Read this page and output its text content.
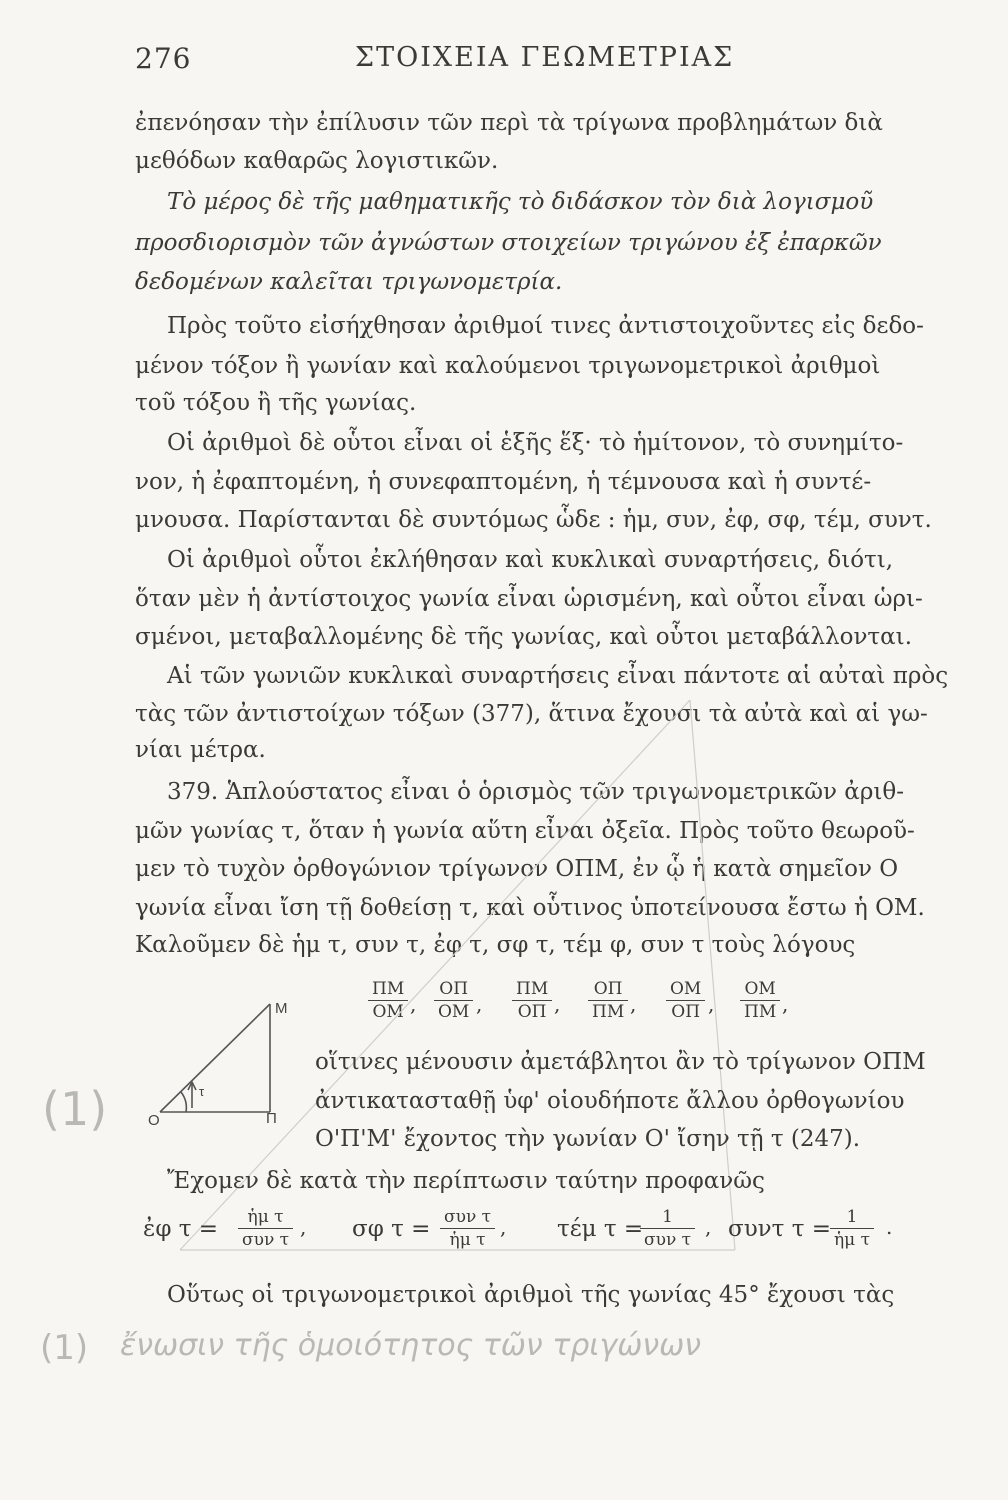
276	ΣΤΟΙΧΕΙΑ ΓΕΩΜΕΤΡΙΑΣ
ἐπενόησαν τὴν ἐπίλυσιν τῶν περὶ τὰ τρίγωνα προβλημάτων διὰ
μεθόδων καθαρῶς λογιστικῶν.
Τὸ μέρος δὲ τῆς μαθηματικῆς τὸ διδάσκον τὸν διὰ λογισμοῦ
προσδιορισμὸν τῶν ἀγνώστων στοιχείων τριγώνου ἐξ ἐπαρκῶν
δεδομένων καλεῖται τριγωνομετρία.
Πρὸς τοῦτο εἰσήχθησαν ἀριθμοί τινες ἀντιστοιχοῦντες εἰς δεδο-
μένον τόξον ἢ γωνίαν καὶ καλούμενοι τριγωνομετρικοὶ ἀριθμοὶ
τοῦ τόξου ἢ τῆς γωνίας.
Οἱ ἀριθμοὶ δὲ οὗτοι εἶναι οἱ ἑξῆς ἕξ· τὸ ἡμίτονον, τὸ συνημίτο-
νον, ἡ ἐφαπτομένη, ἡ συνεφαπτομένη, ἡ τέμνουσα καὶ ἡ συντέ-
μνουσα. Παρίστανται δὲ συντόμως ὧδε : ἡμ, συν, ἐφ, σφ, τέμ, συντ.
Οἱ ἀριθμοὶ οὗτοι ἐκλήθησαν καὶ κυκλικαὶ συναρτήσεις, διότι,
ὅταν μὲν ἡ ἀντίστοιχος γωνία εἶναι ὡρισμένη, καὶ οὗτοι εἶναι ὡρι-
σμένοι, μεταβαλλομένης δὲ τῆς γωνίας, καὶ οὗτοι μεταβάλλονται.
Αἱ τῶν γωνιῶν κυκλικαὶ συναρτήσεις εἶναι πάντοτε αἱ αὐταὶ πρὸς
τὰς τῶν ἀντιστοίχων τόξων (377), ἅτινα ἔχουσι τὰ αὐτὰ καὶ αἱ γω-
νίαι μέτρα.
379. Ἁπλούστατος εἶναι ὁ ὁρισμὸς τῶν τριγωνομετρικῶν ἀριθ-
μῶν γωνίας τ, ὅταν ἡ γωνία αὕτη εἶναι ὀξεῖα. Πρὸς τοῦτο θεωροῦ-
μεν τὸ τυχὸν ὀρθογώνιον τρίγωνον ΟΠΜ, ἐν ᾧ ἡ κατὰ σημεῖον Ο
γωνία εἶναι ἴση τῇ δοθείσῃ τ, καὶ οὗτινος ὑποτείνουσα ἔστω ἡ ΟΜ.
Καλοῦμεν δὲ ἡμ τ, συν τ, ἐφ τ, σφ τ, τέμ φ, συν τ τοὺς λόγους
$\frac{\Pi M}{OM}$ , $\frac{O\Pi}{OM}$ , $\frac{\Pi M}{O\Pi}$ , $\frac{O\Pi}{\Pi M}$ , $\frac{OM}{O\Pi}$ , $\frac{OM}{\Pi M}$ ,
Μ
Ο	Π
τ
οἵτινες μένουσιν ἀμετάβλητοι ἂν τὸ τρίγωνον ΟΠΜ
ἀντικατασταθῇ ὑφ' οἱουδήποτε ἄλλου ὀρθογωνίου
Ο'Π'Μ' ἔχοντος τὴν γωνίαν Ο' ἴσην τῇ τ (247).
Ἔχομεν δὲ κατὰ τὴν περίπτωσιν ταύτην προφανῶς
ἐφ τ =	ἡμ τ
συν τ
, σφ τ = συν τ
ἡμ τ
, τέμ τ =	1
συν τ
, συντ τ =
$\frac{1}{\text{ἡμ τ}}$ .
Οὕτως οἱ τριγωνομετρικοὶ ἀριθμοὶ τῆς γωνίας 45° ἔχουσι τὰς
(1)
(1) ἔνωσιν τῆς ὁμοιότητος τῶν τριγώνων
